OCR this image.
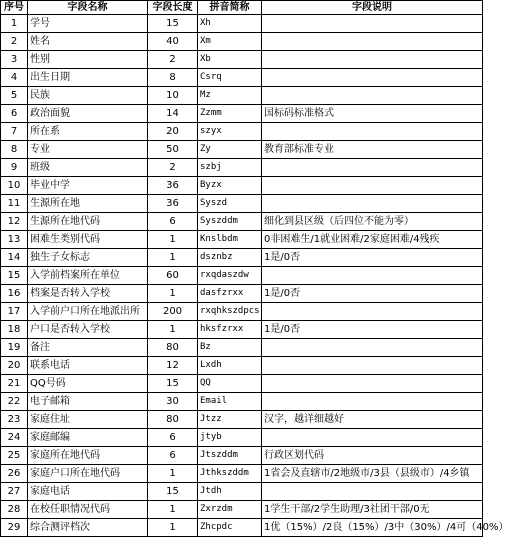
序号	字段名称	字段长度	拼音简称	字段说明
1	学号	15	Xh	
2	姓名	40	Xm	
3	性别	2	Xb	
4	出生日期	8	Csrq	
5	民族	10	Mz	
6	政治面貌	14	Zzmm	国标码标准格式
7	所在系	20	szyx	
8	专业	50	Zy	教育部标准专业
9	班级	2	szbj	
10	毕业中学	36	Byzx	
11	生源所在地	36	Syszd	
12	生源所在地代码	6	Syszddm	细化到县区级（后四位不能为零）
13	困难生类别代码	1	Knslbdm	0非困难生/1就业困难/2家庭困难/4残疾
14	独生子女标志	1	dsznbz	1是/0否
15	入学前档案所在单位	60	rxqdaszdw	
16	档案是否转入学校	1	dasfzrxx	1是/0否
17	入学前户口所在地派出所	200	rxqhkszdpcs	
18	户口是否转入学校	1	hksfzrxx	1是/0否
19	备注	80	Bz	
20	联系电话	12	Lxdh	
21	QQ号码	15	QQ	
22	电子邮箱	30	Email	
23	家庭住址	80	Jtzz	汉字，越详细越好
24	家庭邮编	6	jtyb	
25	家庭所在地代码	6	Jtszddm	行政区划代码
26	家庭户口所在地代码	1	Jthkszddm	1省会及直辖市/2地级市/3县（县级市）/4乡镇
27	家庭电话	15	Jtdh	
28	在校任职情况代码	1	Zxrzdm	1学生干部/2学生助理/3社团干部/0无
29	综合测评档次	1	Zhcpdc	1优（15%）/2良（15%）/3中（30%）/4可（40%）
